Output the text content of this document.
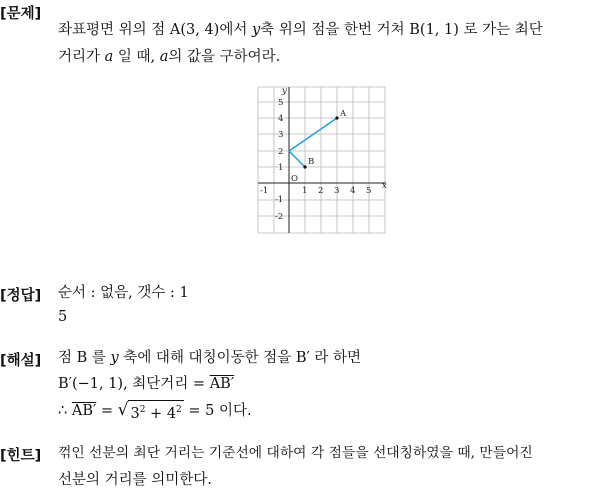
[문제]
좌표평면 위의 점 A(3, 4)에서 y축 위의 점을 한번 거쳐 B(1, 1) 로 가는 최단
거리가 a 일 때, a의 값을 구하여라.
y
x
A
B
O
5
4
3
2
1
-1
-2
-1	1 2 3 4 5
[정답] 순서 : 없음, 갯수 : 1
5
[해설] 점 B 를 y 축에 대해 대칭이동한 점을 B′ 라 하면
B′(−1, 1), 최단거리 = AB′
∴ AB′ = √ $3^2 + 4^2 = 5$ 이다.
[힌트] 꺾인 선분의 최단 거리는 기준선에 대하여 각 점들을 선대칭하였을 때, 만들어진
선분의 거리를 의미한다.
